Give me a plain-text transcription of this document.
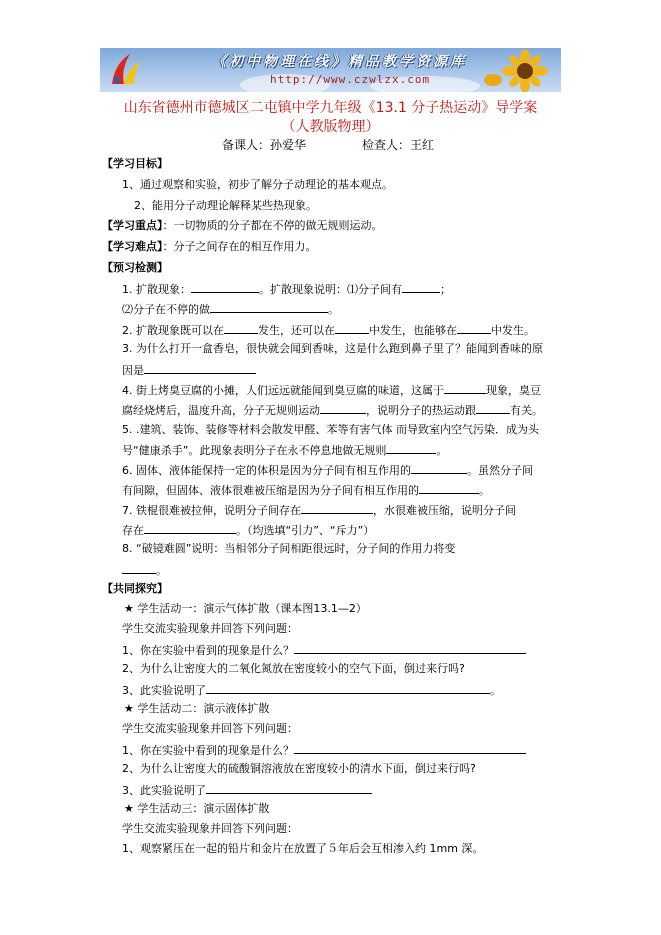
《初中物理在线》精品教学资源库
http://www.czwlzx.com
山东省德州市德城区二屯镇中学九年级《13.1 分子热运动》导学案
（人教版物理）
备课人：孙爱华	检查人：王红
【学习目标】
1、通过观察和实验，初步了解分子动理论的基本观点。
2、能用分子动理论解释某些热现象。
【学习重点】：一切物质的分子都在不停的做无规则运动。
【学习难点】：分子之间存在的相互作用力。
【预习检测】
1. 扩散现象：	。扩散现象说明：⑴分子间有	；
⑵分子在不停的做	。
2. 扩散现象既可以在	发生，还可以在	中发生，也能够在	中发生。
3. 为什么打开一盒香皂，很快就会闻到香味，这是什么跑到鼻子里了？能闻到香味的原
因是
4. 街上烤臭豆腐的小摊，人们远远就能闻到臭豆腐的味道，这属于	现象，臭豆
腐经烧烤后，温度升高，分子无规则运动	，说明分子的热运动跟	有关。
5. .建筑、装饰、装修等材料会散发甲醛、苯等有害气体 而导致室内空气污染．成为头
号“健康杀手”。此现象表明分子在永不停息地做无规则	。
6. 固体、液体能保持一定的体积是因为分子间有相互作用的	。虽然分子间
有间隙，但固体、液体很难被压缩是因为分子间有相互作用的	。
7. 铁棍很难被拉伸，说明分子间存在	，水很难被压缩，说明分子间
存在	。（均选填“引力”、“斥力”）
8. “破镜难圆”说明：当相邻分子间相距很远时，分子间的作用力将变
。
【共同探究】
★ 学生活动一：演示气体扩散（课本图13.1—2）
学生交流实验现象并回答下列问题：
1、你在实验中看到的现象是什么？
2、为什么让密度大的二氧化氮放在密度较小的空气下面，倒过来行吗?
3、此实验说明了	。
★ 学生活动二：演示液体扩散
学生交流实验现象并回答下列问题：
1、你在实验中看到的现象是什么？
2、为什么让密度大的硫酸铜溶液放在密度较小的清水下面，倒过来行吗?
3、此实验说明了
★ 学生活动三：演示固体扩散
学生交流实验现象并回答下列问题：
1、观察紧压在一起的铅片和金片在放置了５年后会互相渗入约 1mm 深。
